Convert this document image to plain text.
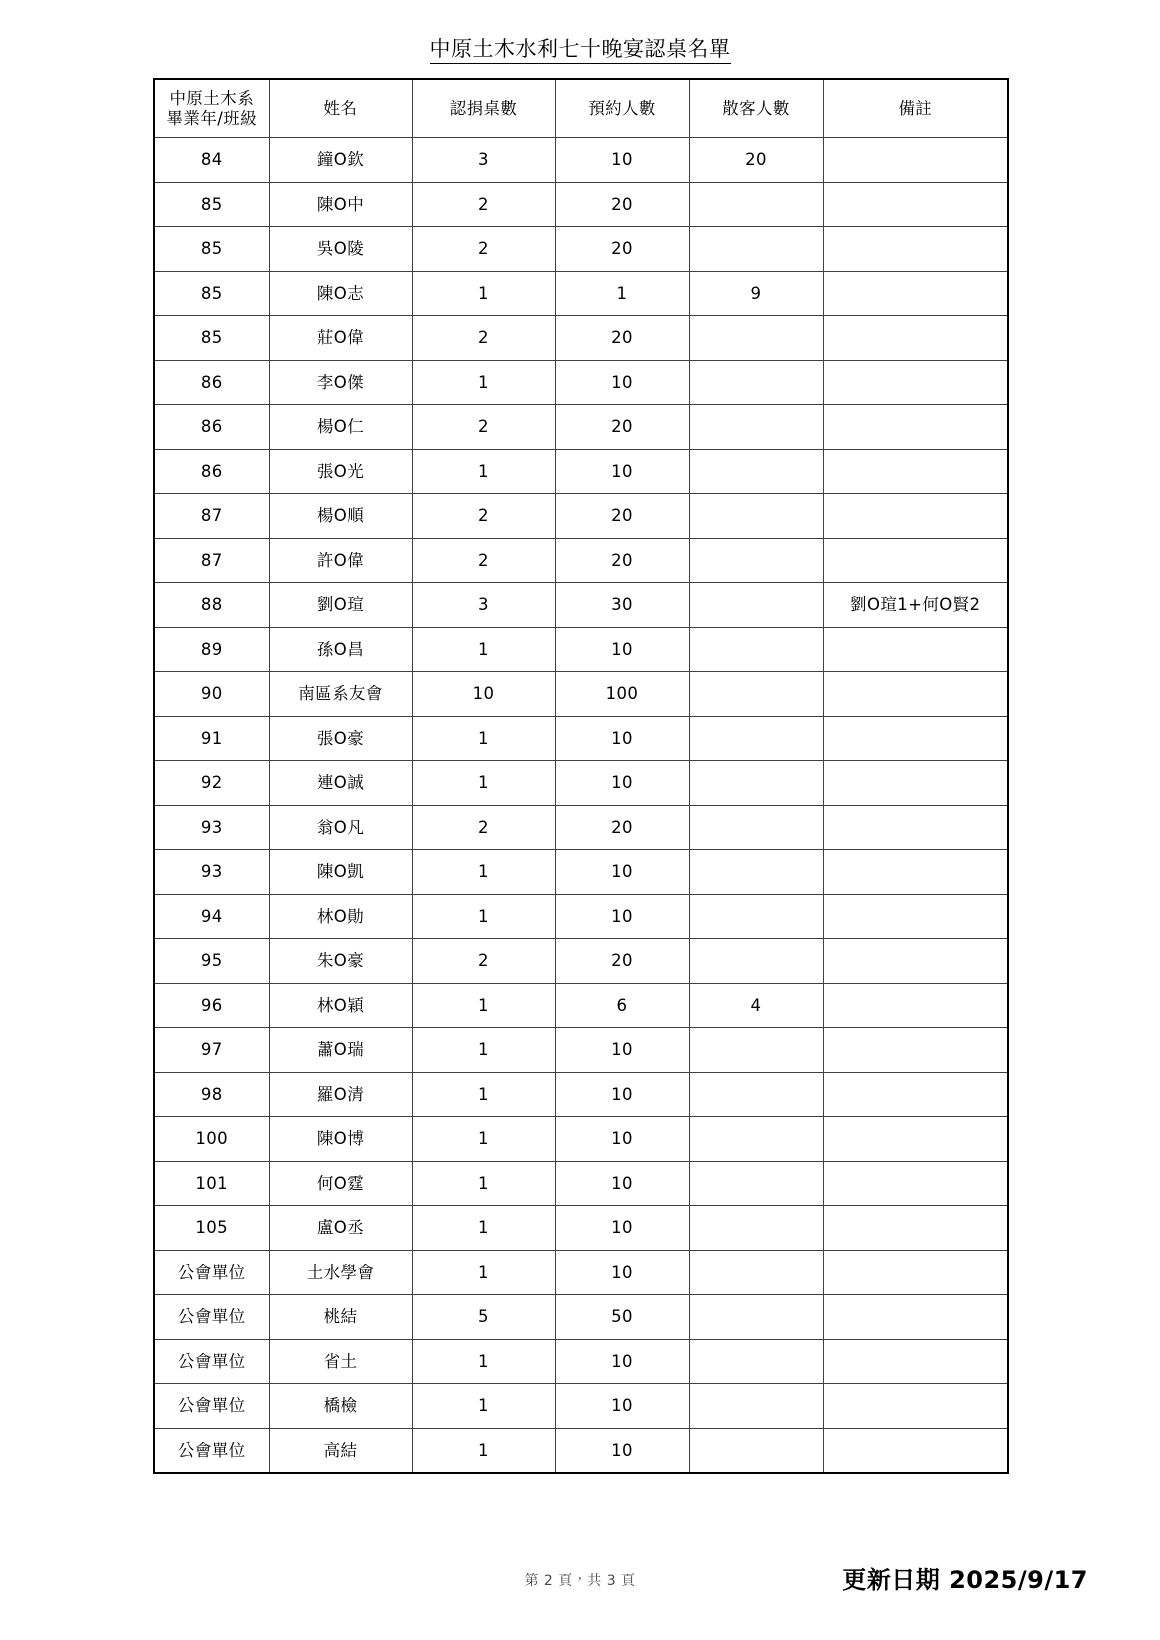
中原土木水利七十晚宴認桌名單
中原土木系
畢業年/班級	姓名	認捐桌數	預約人數	散客人數	備註
84	鐘O欽	3	10	20	
85	陳O中	2	20		
85	吳O陵	2	20		
85	陳O志	1	1	9	
85	莊O偉	2	20		
86	李O傑	1	10		
86	楊O仁	2	20		
86	張O光	1	10		
87	楊O順	2	20		
87	許O偉	2	20		
88	劉O瑄	3	30		劉O瑄1+何O賢2
89	孫O昌	1	10		
90	南區系友會	10	100		
91	張O豪	1	10		
92	連O誠	1	10		
93	翁O凡	2	20		
93	陳O凱	1	10		
94	林O勛	1	10		
95	朱O豪	2	20		
96	林O穎	1	6	4	
97	蕭O瑞	1	10		
98	羅O清	1	10		
100	陳O博	1	10		
101	何O霆	1	10		
105	盧O丞	1	10		
公會單位	土水學會	1	10		
公會單位	桃結	5	50		
公會單位	省土	1	10		
公會單位	橋檢	1	10		
公會單位	高結	1	10		
第 2 頁，共 3 頁	更新日期 2025/9/17
